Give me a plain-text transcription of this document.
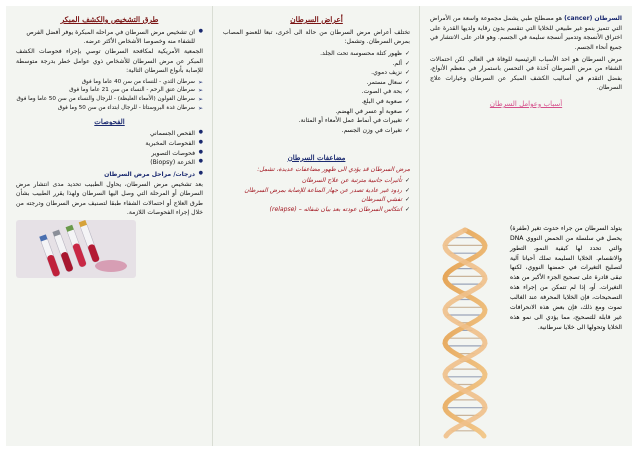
السرطان (cancer) هو مصطلح طبي يشمل مجموعة واسعة من الأمراض التي تتميز بنمو غير طبيعي للخلايا التي تنقسم بدون رقابة ولديها القدرة على اختراق الأنسجة وتدمير أنسجة سليمة في الجسم. وهو قادر على الانتشار في جميع أنحاء الجسم.

مرض السرطان هو احد الأسباب الرئيسية للوفاة في العالم. لكن احتمالات الشفاء من مرض السرطان آخذة في التحسن باستمرار في معظم الأنواع، بفضل التقدم في أساليب الكشف المبكر عن السرطان وخيارات علاج السرطان.

أسباب وعوامل السرطان
يتولد السرطان من جراء حدوث تغير (طفرة) يحصل في سلسلة من الحمض النووي DNA والتي تحدد لها كيفية النمو، التطور والانقسام. الخلايا السليمة تملك أحيانا آلية لتصليح التغيرات في حمضها النووي، لكنها تبقى قادرة على تصحيح الجزء الأكبر من هذه التغيرات. أو، إذا لم تتمكن من إجراء هذه التصحيحات، فإن الخلايا المحرفة عند الغالب تموت ومع ذلك، فإن بعض هذه الانحرافات غير قابلة للتصحيح، مما يؤدي الى نمو هذه الخلايا وتحولها الى خلايا سرطانية.
أعراض السرطان

تختلف أعراض مرض السرطان من حالة الى أخرى، تبعا للعضو المصاب بمرض السرطان. وتشمل:

✓ ظهور كتلة محسوسة تحت الجلد.
✓ ألم.
✓ نزيف دموي.
✓ سعال مستمر.
✓ بحة في الصوت.
✓ صعوبة في البلع.
✓ صعوبة أو عسر في الهضم.
✓ تغييرات في أنماط عمل الأمعاء أو المثانة.
✓ تغيرات في وزن الجسم.
مضاعفات السرطان

مرض السرطان قد يؤدي الى ظهور مضاعفات عديدة، تشمل:

✓ تأثيرات جانبية مترتبة عن علاج السرطان
✓ ردود غير عادية تصدر عن جهاز المناعة للإصابة بمرض السرطان
✓ تفشي السرطان
✓ انتكاس السرطان عودته بعد بيان شفائه – (relapse)
طرق التشخيص والكشف المبكر
● ان تشخيص مرض السرطان في مراحله المبكرة يوفر أفضل الفرص للشفاء منه وخصوصا الأشخاص الأكثر عرضه.

الجمعية الأمريكية لمكافحة السرطان توصي بإجراء فحوصات الكشف المبكر عن مرض السرطان للأشخاص ذوي عوامل خطر بدرجة متوسطة للإصابة بأنواع السرطان التالية:

➢ سرطان الثدي - للنساء من سن 40 عاما وما فوق
➢ سرطان عنق الرحم - النساء من سن 21 عاما وما فوق
➢ سرطان القولون (الأمعاء الغليظة) - للرجال والنساء من سن 50 عاما وما فوق
➢ سرطان غدة البروستاتا - للرجال ابتداء من سن 50 وما فوق
الفحوصات
● الفحص الجسماني
● الفحوصات المخبرية
● فحوصات التصوير
● الخزعة (Biopsy)
● درجات/ مراحل مرض السرطان

بعد تشخيص مرض السرطان، يحاول الطبيب تحديد مدى انتشار مرض السرطان أو المرحلة التي وصل اليها السرطان ولهذا يقرر الطبيب بشأن طرق العلاج أو احتمالات الشفاء طبقا لتصنيف مرض السرطان ودرجته من خلال إجراء الفحوصات اللازمة.
